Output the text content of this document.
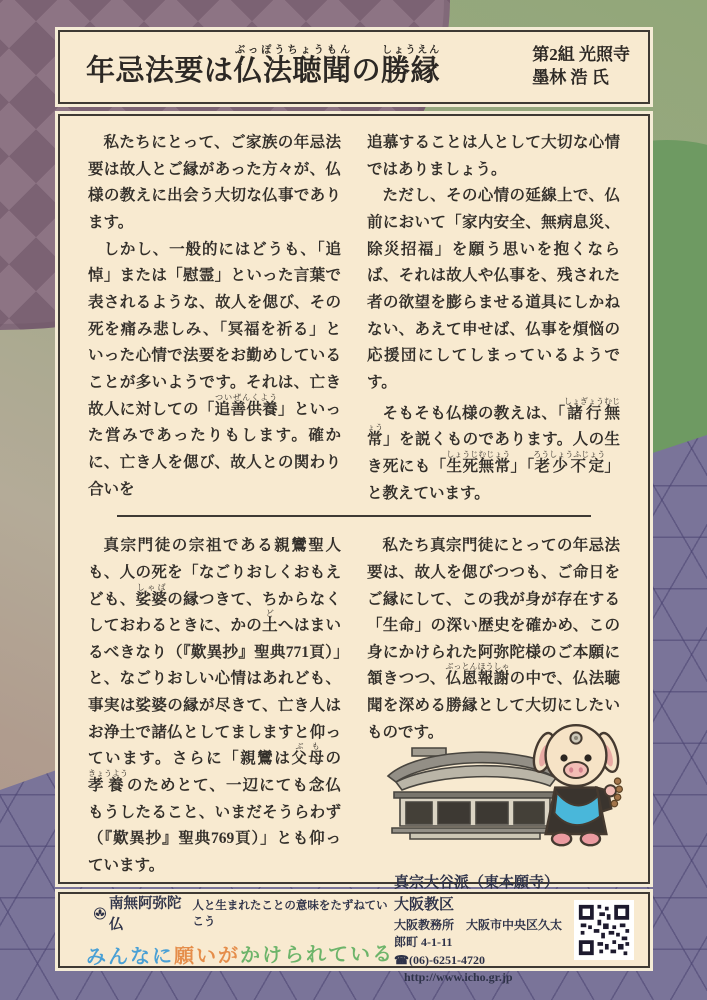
年忌法要は仏法聴聞ぶっぽうちょうもんの勝縁しょうえん	第2組 光照寺
墨林 浩 氏

私たちにとって、ご家族の年忌法要は故人とご縁があった方々が、仏様の教えに出会う大切な仏事であります。

しかし、一般的にはどうも、「追悼」または「慰霊」といった言葉で表されるような、故人を偲び、その死を痛み悲しみ、「冥福を祈る」といった心情で法要をお勤めしていることが多いようです。それは、亡き故人に対しての「追善供養ついぜんくよう」といった営みであったりもします。確かに、亡き人を偲び、故人との関わり合いを

追慕することは人として大切な心情ではありましょう。

ただし、その心情の延線上で、仏前において「家内安全、無病息災、除災招福」を願う思いを抱くならば、それは故人や仏事を、残された者の欲望を膨らませる道具にしかねない、あえて申せば、仏事を煩悩の応援団にしてしまっているようです。

そもそも仏様の教えは、「諸行無常しょぎょうむじょう」を説くものであります。人の生き死にも「生死無常しょうじむじょう」「老少不定ろうしょうふじょう」と教えています。

真宗門徒の宗祖である親鸞聖人も、人の死を「なごりおしくおもえども、娑婆しゃばの縁つきて、ちからなくしておわるときに、かの土どへはまいるべきなり（『歎異抄』聖典771頁）」と、なごりおしい心情はあれども、事実は娑婆の縁が尽きて、亡き人はお浄土で諸仏としてましますと仰っています。さらに「親鸞は父母ぶもの孝養きょうようのためとて、一辺にても念仏もうしたること、いまだそうらわず（『歎異抄』聖典769頁）」とも仰っています。

私たち真宗門徒にとっての年忌法要は、故人を偲びつつも、ご命日をご縁にして、この我が身が存在する「生命」の深い歴史を確かめ、この身にかけられた阿弥陀様のご本願に頷きつつ、仏恩報謝ぶっとんほうしゃの中で、仏法聴聞を深める勝縁として大切にしたいものです。

南無阿弥陀仏
人と生まれたことの意味をたずねていこう
みんなに願いがかけられている
真宗大谷派（東本願寺）大阪教区
大阪教務所　大阪市中央区久太郎町 4-1-11
☎(06)-6251-4720 http://www.icho.gr.jp
